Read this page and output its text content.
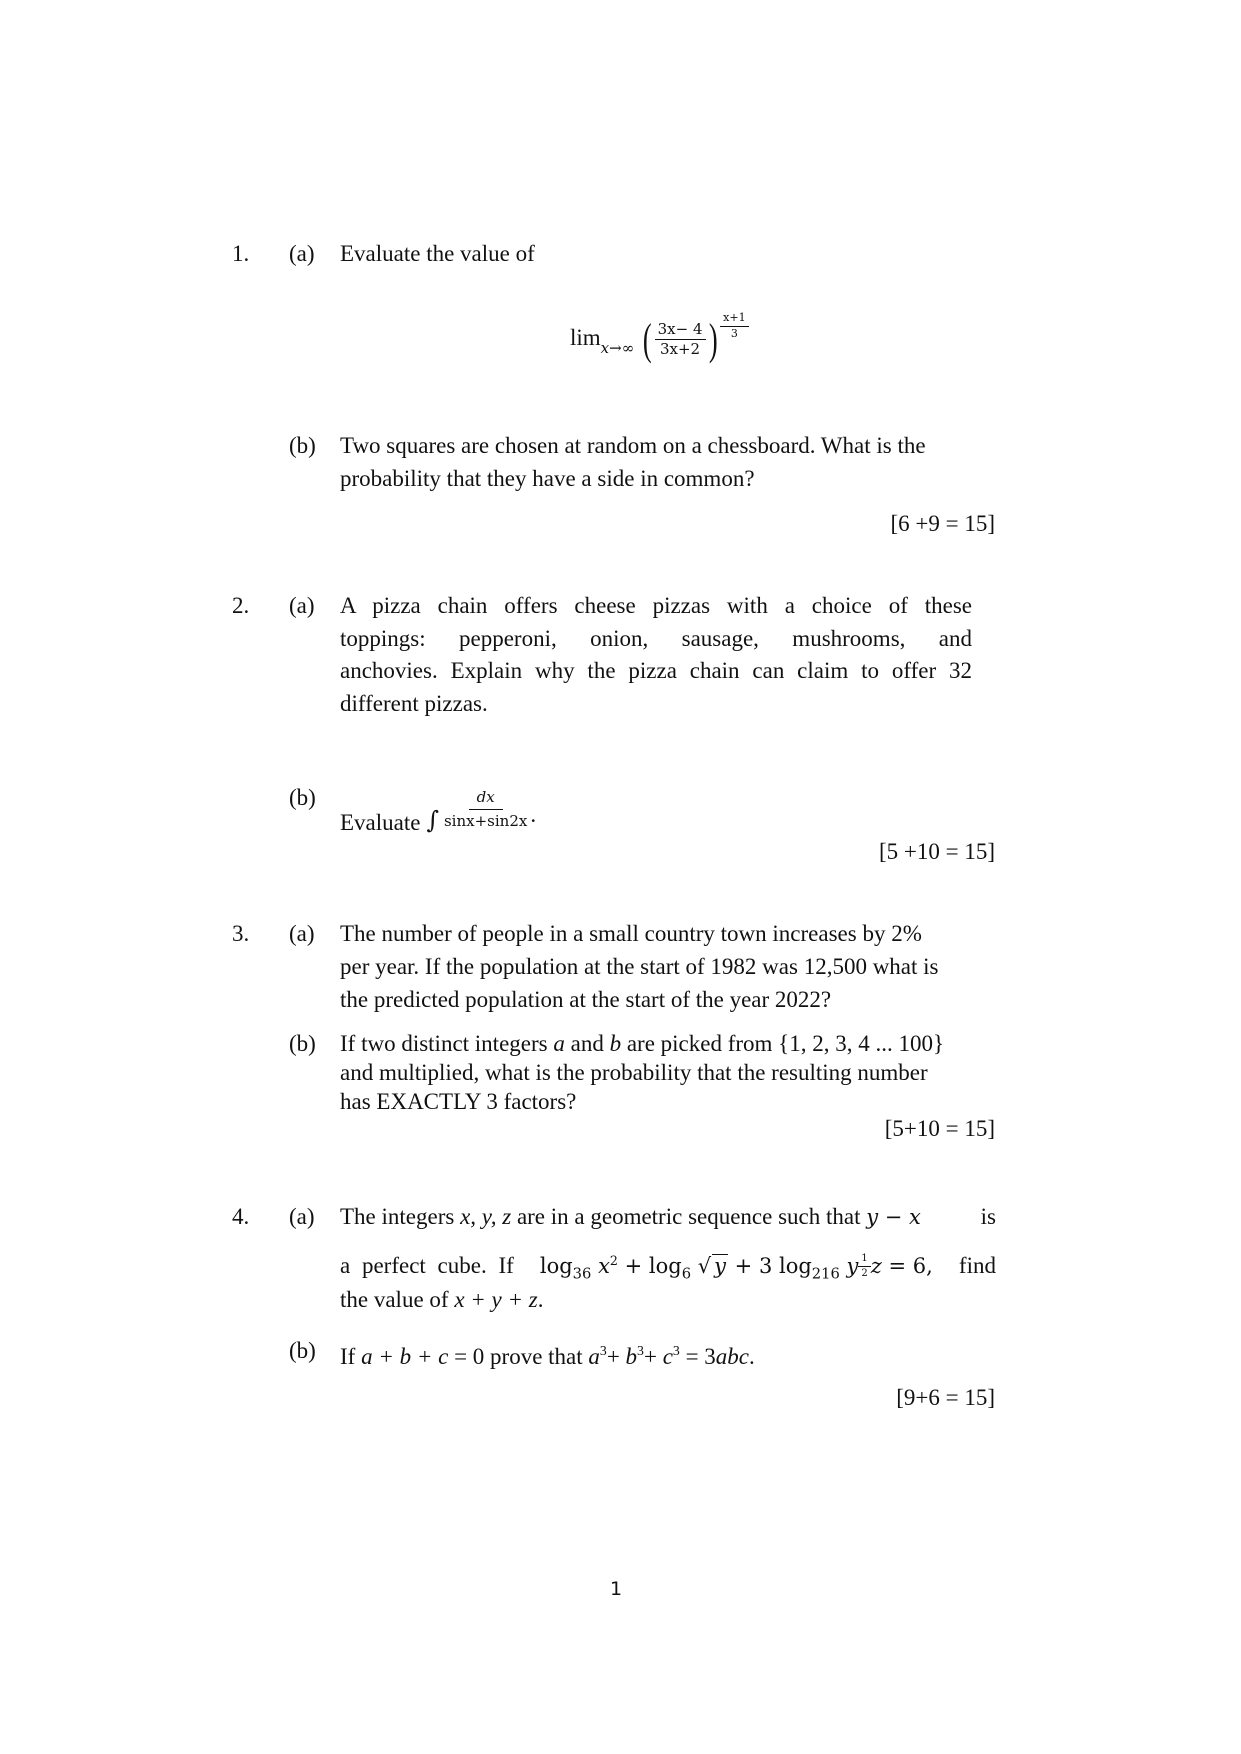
1. (a) Evaluate the value of
$\lim_{x\to\infty}$ ( $\frac{3x- 4}{3x+2}$ ) $\frac{x+1}{3}$
(b) Two squares are chosen at random on a chessboard. What is the
probability that they have a side in common?
[6 +9 = 15]
2. (a) A pizza chain offers cheese pizzas with a choice of these
toppings: pepperoni, onion, sausage, mushrooms, and
anchovies. Explain why the pizza chain can claim to offer 32
different pizzas.
(b)
Evaluate ∫ $\frac{dx}{\sin x+\sin 2x}$ .
[5 +10 = 15]
3. (a) The number of people in a small country town increases by 2%
per year. If the population at the start of 1982 was 12,500 what is
the predicted population at the start of the year 2022?
(b) If two distinct integers a and b are picked from {1, 2, 3, 4 ... 100}
and multiplied, what is the probability that the resulting number
has EXACTLY 3 factors?
[5+10 = 15]
4. (a) The integers x, y, z are in a geometric sequence such that y − x	is
a perfect cube. If $\log_{36} x^2 + \log_6$ √ y + 3 $\log_{216} y \frac{1}{2}$ z = 6, find
the value of x + y + z.
(b) If a + b + c = 0 prove that $a^3+ b^3+ c^3 = 3abc$.
[9+6 = 15]
1
